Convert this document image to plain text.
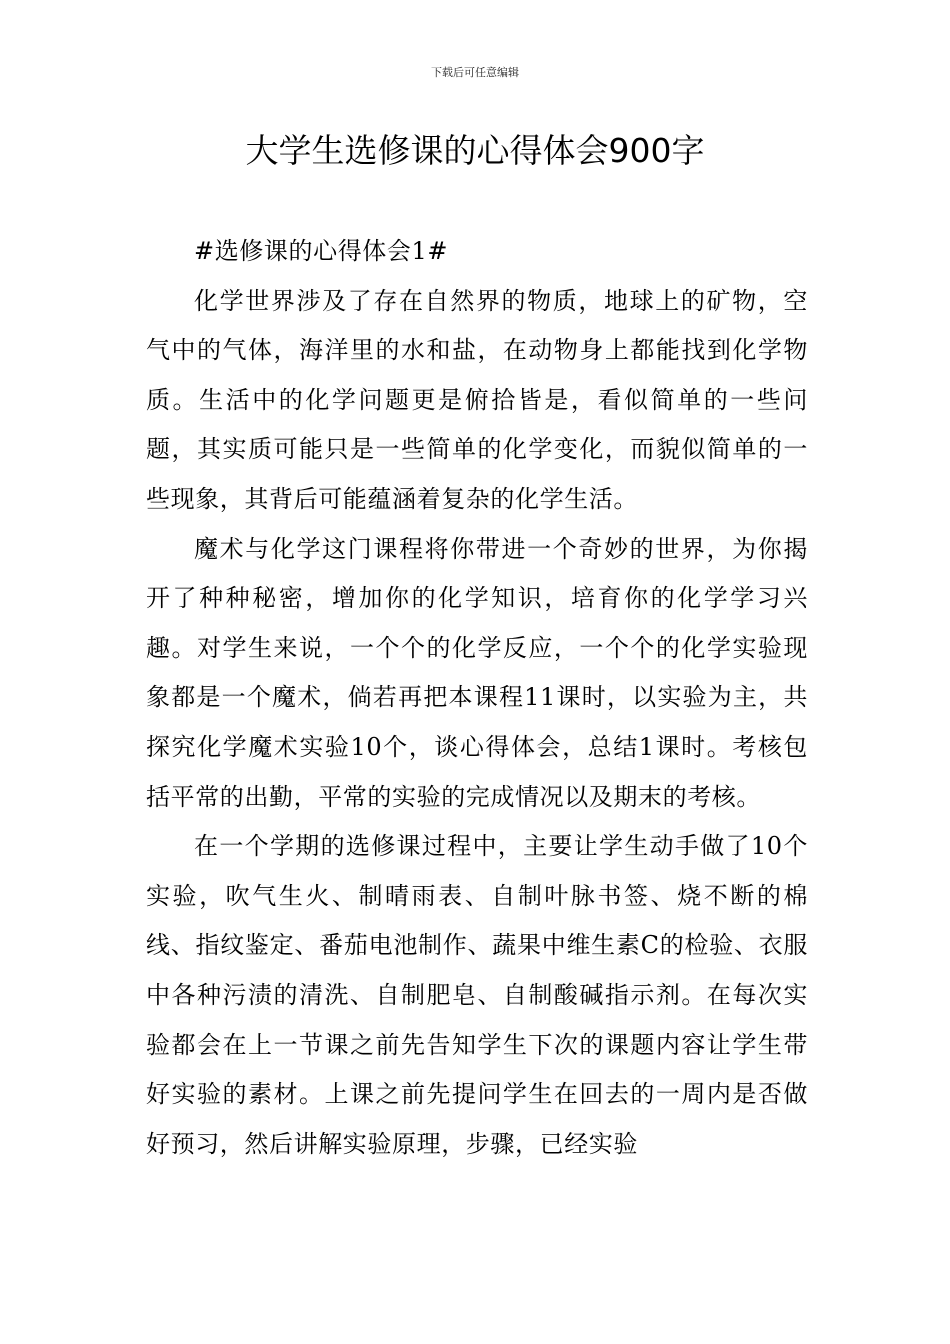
下载后可任意编辑
大学生选修课的心得体会900字

#选修课的心得体会1#

化学世界涉及了存在自然界的物质，地球上的矿物，空气中的气体，海洋里的水和盐，在动物身上都能找到化学物质。生活中的化学问题更是俯拾皆是，看似简单的一些问题，其实质可能只是一些简单的化学变化，而貌似简单的一些现象，其背后可能蕴涵着复杂的化学生活。

魔术与化学这门课程将你带进一个奇妙的世界，为你揭开了种种秘密，增加你的化学知识，培育你的化学学习兴趣。对学生来说，一个个的化学反应，一个个的化学实验现象都是一个魔术，倘若再把本课程11课时，以实验为主，共探究化学魔术实验10个，谈心得体会，总结1课时。考核包括平常的出勤，平常的实验的完成情况以及期末的考核。

在一个学期的选修课过程中，主要让学生动手做了10个实验，吹气生火、制晴雨表、自制叶脉书签、烧不断的棉线、指纹鉴定、番茄电池制作、蔬果中维生素C的检验、衣服中各种污渍的清洗、自制肥皂、自制酸碱指示剂。在每次实验都会在上一节课之前先告知学生下次的课题内容让学生带好实验的素材。上课之前先提问学生在回去的一周内是否做好预习，然后讲解实验原理，步骤，已经实验
